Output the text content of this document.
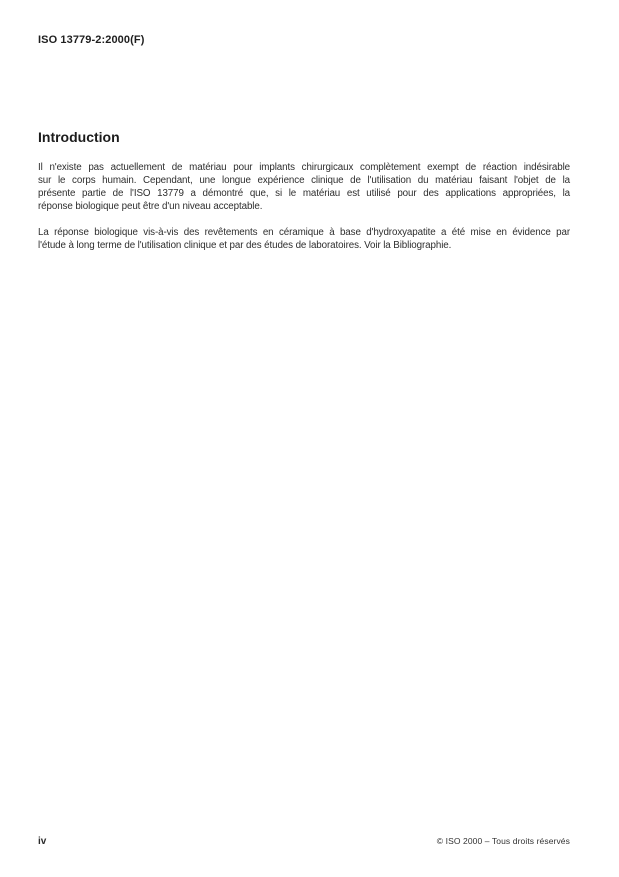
ISO 13779-2:2000(F)
Introduction
Il n'existe pas actuellement de matériau pour implants chirurgicaux complètement exempt de réaction indésirable
sur le corps humain. Cependant, une longue expérience clinique de l'utilisation du matériau faisant l'objet de la
présente partie de l'ISO 13779 a démontré que, si le matériau est utilisé pour des applications appropriées, la
réponse biologique peut être d'un niveau acceptable.
La réponse biologique vis-à-vis des revêtements en céramique à base d'hydroxyapatite a été mise en évidence par
l'étude à long terme de l'utilisation clinique et par des études de laboratoires. Voir la Bibliographie.
iv	© ISO 2000 – Tous droits réservés
